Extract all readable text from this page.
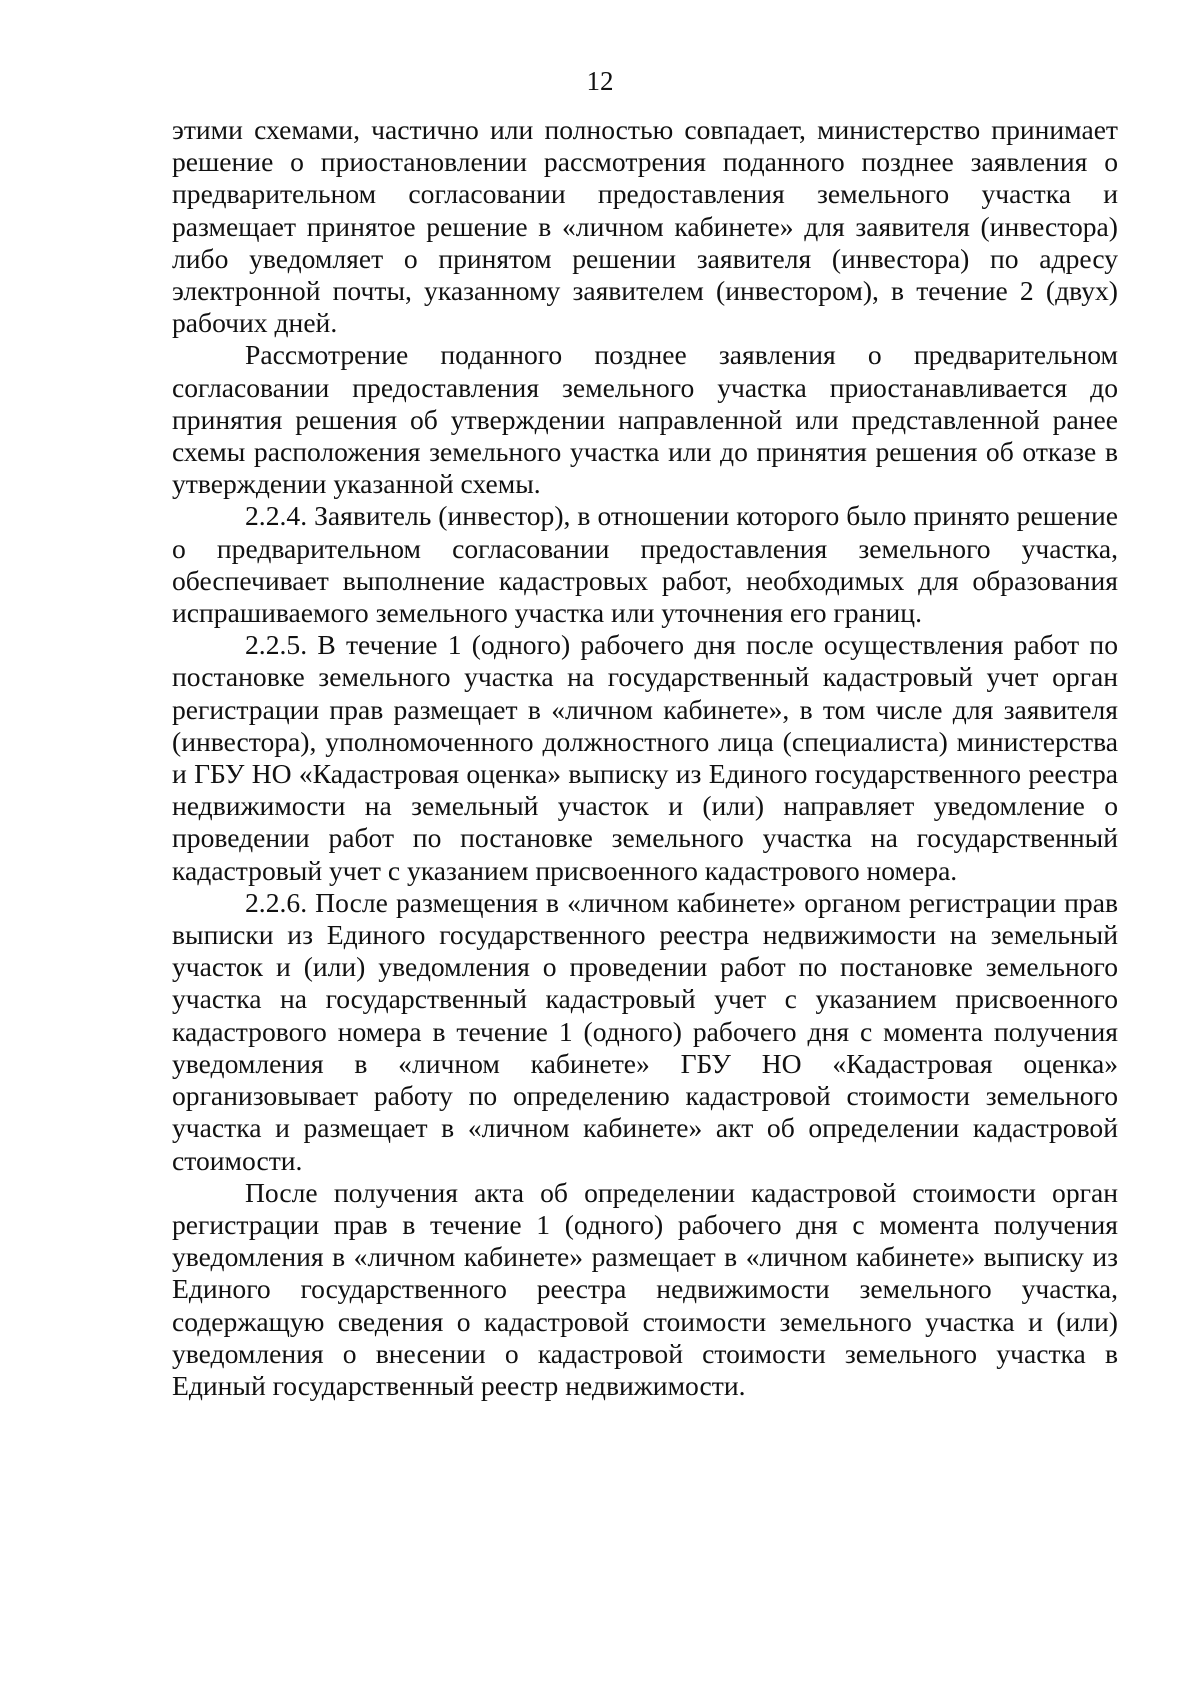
12

этими схемами, частично или полностью совпадает, министерство принимает решение о приостановлении рассмотрения поданного позднее заявления о предварительном согласовании предоставления земельного участка и размещает принятое решение в «личном кабинете» для заявителя (инвестора) либо уведомляет о принятом решении заявителя (инвестора) по адресу электронной почты, указанному заявителем (инвестором), в течение 2 (двух) рабочих дней.

Рассмотрение поданного позднее заявления о предварительном согласовании предоставления земельного участка приостанавливается до принятия решения об утверждении направленной или представленной ранее схемы расположения земельного участка или до принятия решения об отказе в утверждении указанной схемы.

2.2.4. Заявитель (инвестор), в отношении которого было принято решение о предварительном согласовании предоставления земельного участка, обеспечивает выполнение кадастровых работ, необходимых для образования испрашиваемого земельного участка или уточнения его границ.

2.2.5. В течение 1 (одного) рабочего дня после осуществления работ по постановке земельного участка на государственный кадастровый учет орган регистрации прав размещает в «личном кабинете», в том числе для заявителя (инвестора), уполномоченного должностного лица (специалиста) министерства и ГБУ НО «Кадастровая оценка» выписку из Единого государственного реестра недвижимости на земельный участок и (или) направляет уведомление о проведении работ по постановке земельного участка на государственный кадастровый учет с указанием присвоенного кадастрового номера.

2.2.6. После размещения в «личном кабинете» органом регистрации прав выписки из Единого государственного реестра недвижимости на земельный участок и (или) уведомления о проведении работ по постановке земельного участка на государственный кадастровый учет с указанием присвоенного кадастрового номера в течение 1 (одного) рабочего дня с момента получения уведомления в «личном кабинете» ГБУ НО «Кадастровая оценка» организовывает работу по определению кадастровой стоимости земельного участка и размещает в «личном кабинете» акт об определении кадастровой стоимости.

После получения акта об определении кадастровой стоимости орган регистрации прав в течение 1 (одного) рабочего дня с момента получения уведомления в «личном кабинете» размещает в «личном кабинете» выписку из Единого государственного реестра недвижимости земельного участка, содержащую сведения о кадастровой стоимости земельного участка и (или) уведомления о внесении о кадастровой стоимости земельного участка в Единый государственный реестр недвижимости.
